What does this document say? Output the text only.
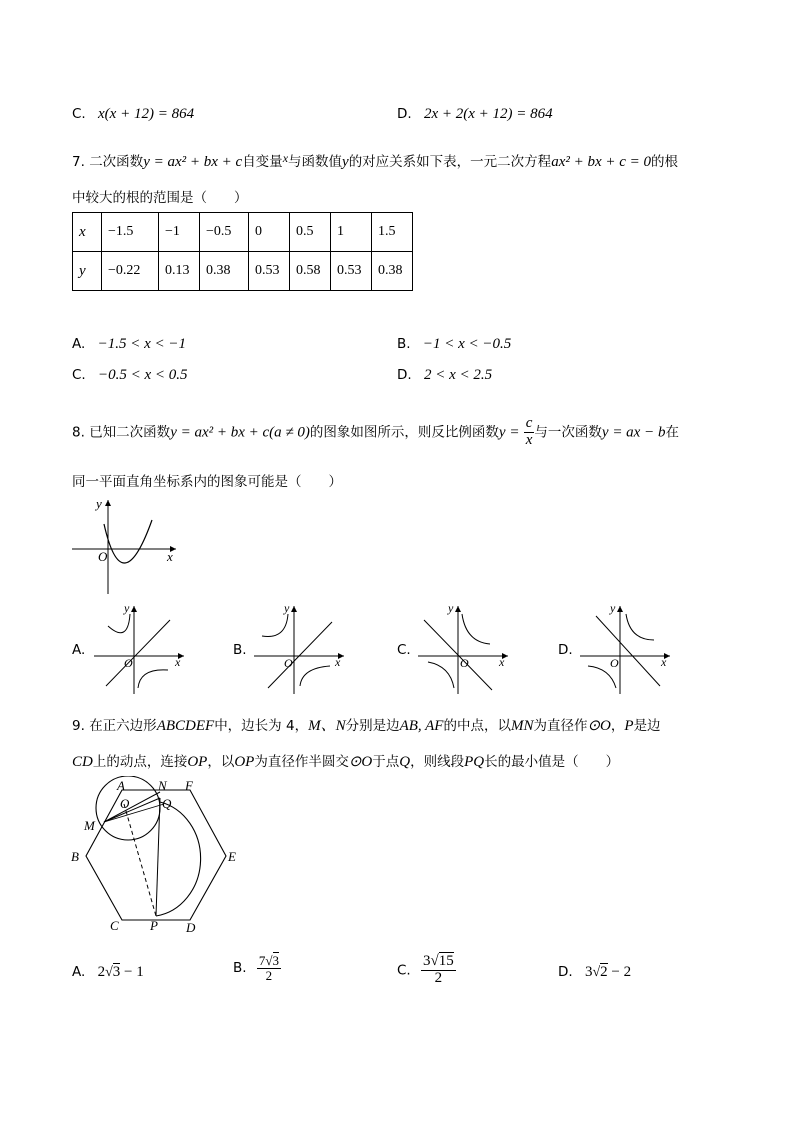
C. x(x + 12) = 864	D. 2x + 2(x + 12) = 864
7. 二次函数y = ax² + bx + c自变量x与函数值y的对应关系如下表，一元二次方程ax² + bx + c = 0的根
中较大的根的范围是（　　）
x	−1.5	−1	−0.5	0	0.5	1	1.5
y	−0.22	0.13	0.38	0.53	0.58	0.53	0.38
A. −1.5 < x < −1	B. −1 < x < −0.5
C. −0.5 < x < 0.5	D. 2 < x < 2.5
8. 已知二次函数y = ax² + bx + c(a ≠ 0)的图象如图所示，则反比例函数$y = \frac{c}{x}$ 与一次函数y = ax − b在
同一平面直角坐标系内的图象可能是（　　）
x
y
O
A.
x
y
O
B.
x
y
O
C.
x
y
O
D.
x
y
O
9. 在正六边形ABCDEF中，边长为 4，M、N分别是边AB, AF的中点，以MN为直径作⊙O，P是边
CD上的动点，连接OP，以OP为直径作半圆交⊙O于点Q，则线段PQ长的最小值是（　　）
A	N F
O	Q
M
B	E
C P D
A. 2√3 − 1	B. $\frac{7√3}{2}$	C. $\frac{3√15}{2}$	D. 3√2 − 2
